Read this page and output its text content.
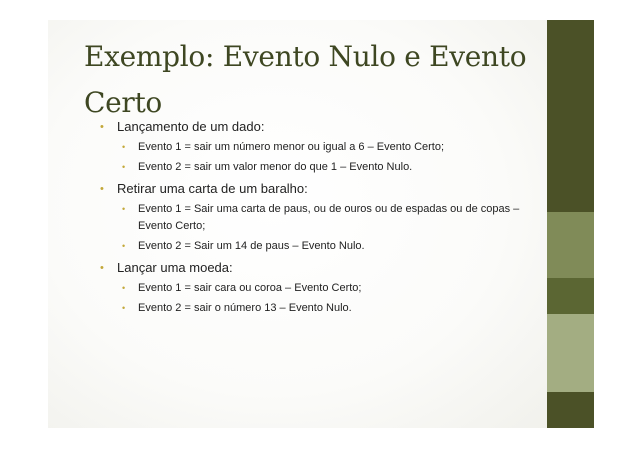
Exemplo: Evento Nulo e Evento Certo
• Lançamento de um dado:
• Evento 1 = sair um número menor ou igual a 6 – Evento Certo;
• Evento 2 = sair um valor menor do que 1 – Evento Nulo.
• Retirar uma carta de um baralho:
• Evento 1 = Sair uma carta de paus, ou de ouros ou de espadas ou de copas – Evento Certo;
• Evento 2 = Sair um 14 de paus – Evento Nulo.
• Lançar uma moeda:
• Evento 1 = sair cara ou coroa – Evento Certo;
• Evento 2 = sair o número 13 – Evento Nulo.
